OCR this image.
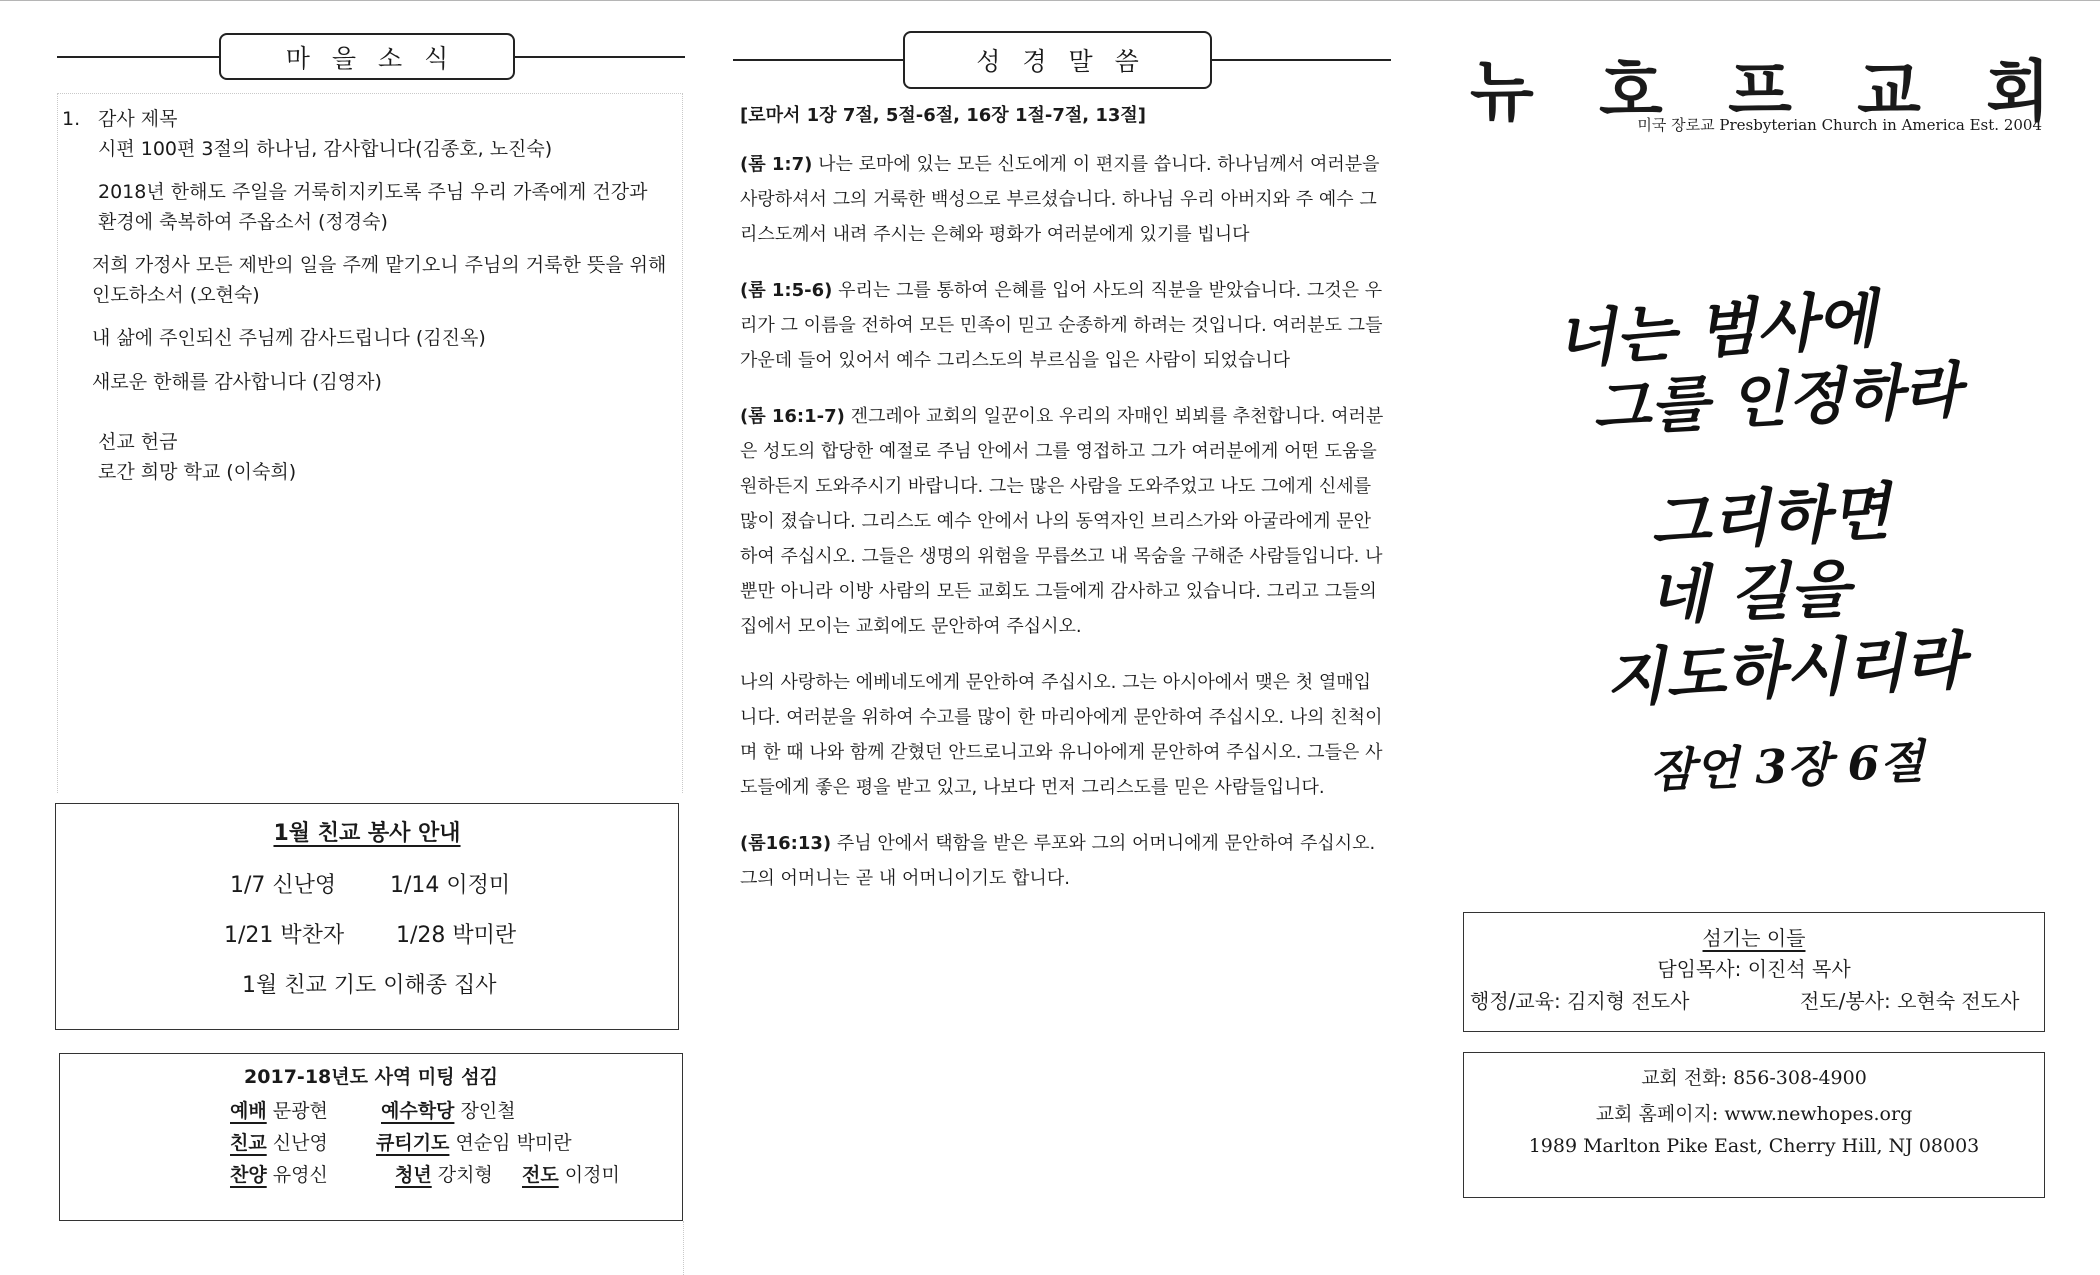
마을소식

1. 감사 제목

시편 100편 3절의 하나님, 감사합니다(김종호, 노진숙)

2018년 한해도 주일을 거룩히지키도록 주님 우리 가족에게 건강과

환경에 축복하여 주옵소서 (정경숙)

저희 가정사 모든 제반의 일을 주께 맡기오니 주님의 거룩한 뜻을 위해

인도하소서 (오현숙)

내 삶에 주인되신 주님께 감사드립니다 (김진옥)

새로운 한해를 감사합니다 (김영자)

선교 헌금

로간 희망 학교 (이숙희)

1월 친교 봉사 안내
1/7 신난영 1/14 이정미
1/21 박찬자 1/28 박미란
1월 친교 기도 이해종 집사
2017-18년도 사역 미팅 섬김
예배 문광현	예수학당 장인철
친교 신난영	큐티기도 연순임 박미란
찬양 유영신	청년 강치형 전도 이정미
성경말씀

[로마서 1장 7절, 5절-6절, 16장 1절-7절, 13절]

(롬 1:7) 나는 로마에 있는 모든 신도에게 이 편지를 씁니다. 하나님께서 여러분을 사랑하셔서 그의 거룩한 백성으로 부르셨습니다. 하나님 우리 아버지와 주 예수 그리스도께서 내려 주시는 은혜와 평화가 여러분에게 있기를 빕니다

(롬 1:5-6) 우리는 그를 통하여 은혜를 입어 사도의 직분을 받았습니다. 그것은 우리가 그 이름을 전하여 모든 민족이 믿고 순종하게 하려는 것입니다. 여러분도 그들 가운데 들어 있어서 예수 그리스도의 부르심을 입은 사람이 되었습니다

(롬 16:1-7) 겐그레아 교회의 일꾼이요 우리의 자매인 뵈뵈를 추천합니다. 여러분은 성도의 합당한 예절로 주님 안에서 그를 영접하고 그가 여러분에게 어떤 도움을 원하든지 도와주시기 바랍니다. 그는 많은 사람을 도와주었고 나도 그에게 신세를 많이 졌습니다. 그리스도 예수 안에서 나의 동역자인 브리스가와 아굴라에게 문안하여 주십시오. 그들은 생명의 위험을 무릅쓰고 내 목숨을 구해준 사람들입니다. 나 뿐만 아니라 이방 사람의 모든 교회도 그들에게 감사하고 있습니다. 그리고 그들의 집에서 모이는 교회에도 문안하여 주십시오.

나의 사랑하는 에베네도에게 문안하여 주십시오. 그는 아시아에서 맺은 첫 열매입니다. 여러분을 위하여 수고를 많이 한 마리아에게 문안하여 주십시오. 나의 친척이며 한 때 나와 함께 갇혔던 안드로니고와 유니아에게 문안하여 주십시오. 그들은 사도들에게 좋은 평을 받고 있고, 나보다 먼저 그리스도를 믿은 사람들입니다.

(롬16:13) 주님 안에서 택함을 받은 루포와 그의 어머니에게 문안하여 주십시오. 그의 어머니는 곧 내 어머니이기도 합니다.

뉴 호 프 교 회
미국 장로교 Presbyterian Church in America Est. 2004
너는 범사에
그를 인정하라
그리하면
네 길을
지도하시리라
잠언 3장 6절
섬기는 이들
담임목사: 이진석 목사
행정/교육: 김지형 전도사	전도/봉사: 오현숙 전도사
교회 전화: 856-308-4900
교회 홈페이지: www.newhopes.org
1989 Marlton Pike East, Cherry Hill, NJ 08003
